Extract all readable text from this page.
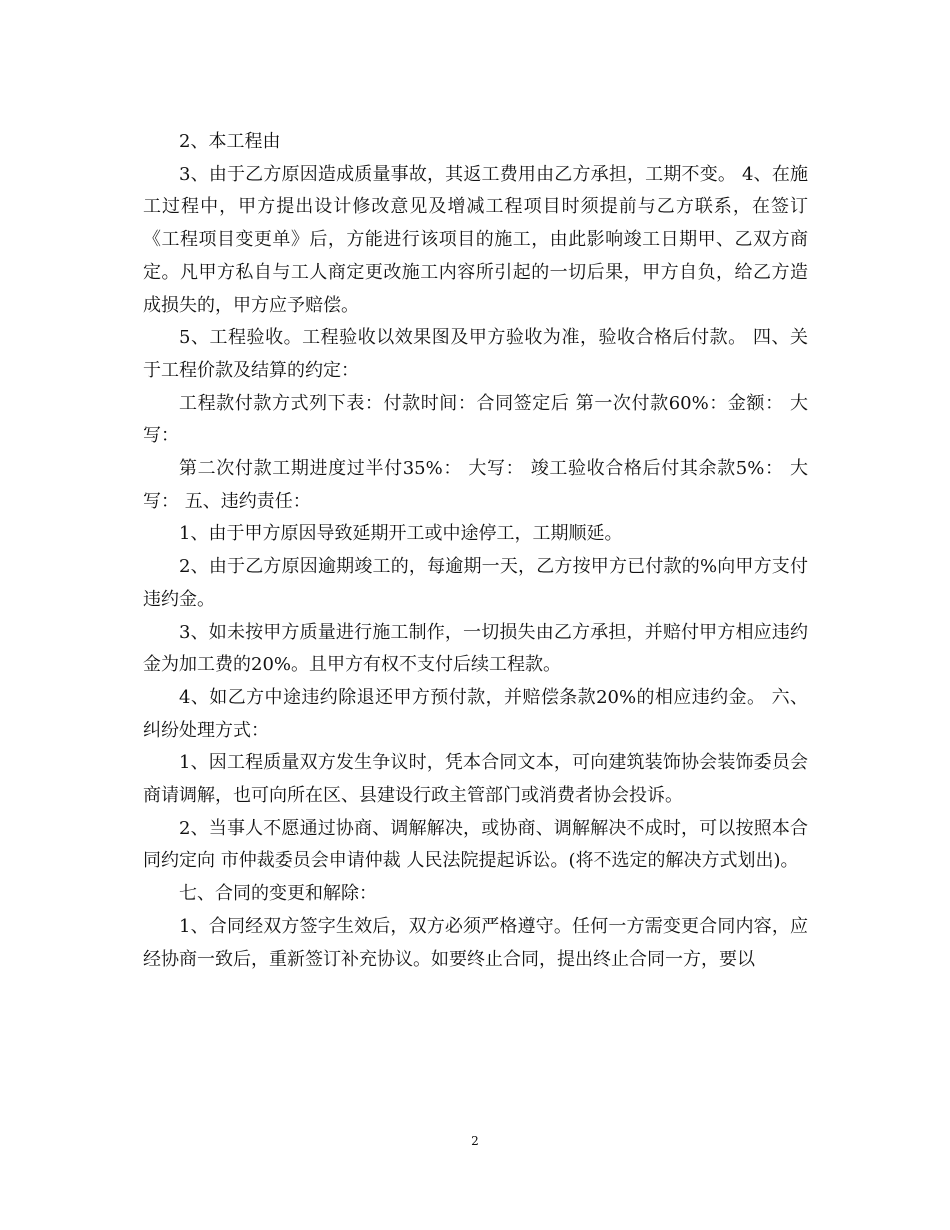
2、本工程由

3、由于乙方原因造成质量事故，其返工费用由乙方承担，工期不变。 4、在施工过程中，甲方提出设计修改意见及增减工程项目时须提前与乙方联系，在签订《工程项目变更单》后，方能进行该项目的施工，由此影响竣工日期甲、乙双方商定。凡甲方私自与工人商定更改施工内容所引起的一切后果，甲方自负，给乙方造成损失的，甲方应予赔偿。

5、工程验收。工程验收以效果图及甲方验收为准，验收合格后付款。 四、关于工程价款及结算的约定：

工程款付款方式列下表：付款时间：合同签定后 第一次付款60%：金额： 大写：

第二次付款工期进度过半付35%： 大写： 竣工验收合格后付其余款5%： 大写： 五、违约责任：

1、由于甲方原因导致延期开工或中途停工，工期顺延。

2、由于乙方原因逾期竣工的，每逾期一天，乙方按甲方已付款的%向甲方支付违约金。

3、如未按甲方质量进行施工制作，一切损失由乙方承担，并赔付甲方相应违约金为加工费的20%。且甲方有权不支付后续工程款。

4、如乙方中途违约除退还甲方预付款，并赔偿条款20%的相应违约金。 六、纠纷处理方式：

1、因工程质量双方发生争议时，凭本合同文本，可向建筑装饰协会装饰委员会商请调解，也可向所在区、县建设行政主管部门或消费者协会投诉。

2、当事人不愿通过协商、调解解决，或协商、调解解决不成时，可以按照本合同约定向 市仲裁委员会申请仲裁 人民法院提起诉讼。(将不选定的解决方式划出)。

七、合同的变更和解除：

1、合同经双方签字生效后，双方必须严格遵守。任何一方需变更合同内容，应经协商一致后，重新签订补充协议。如要终止合同，提出终止合同一方，要以

2
